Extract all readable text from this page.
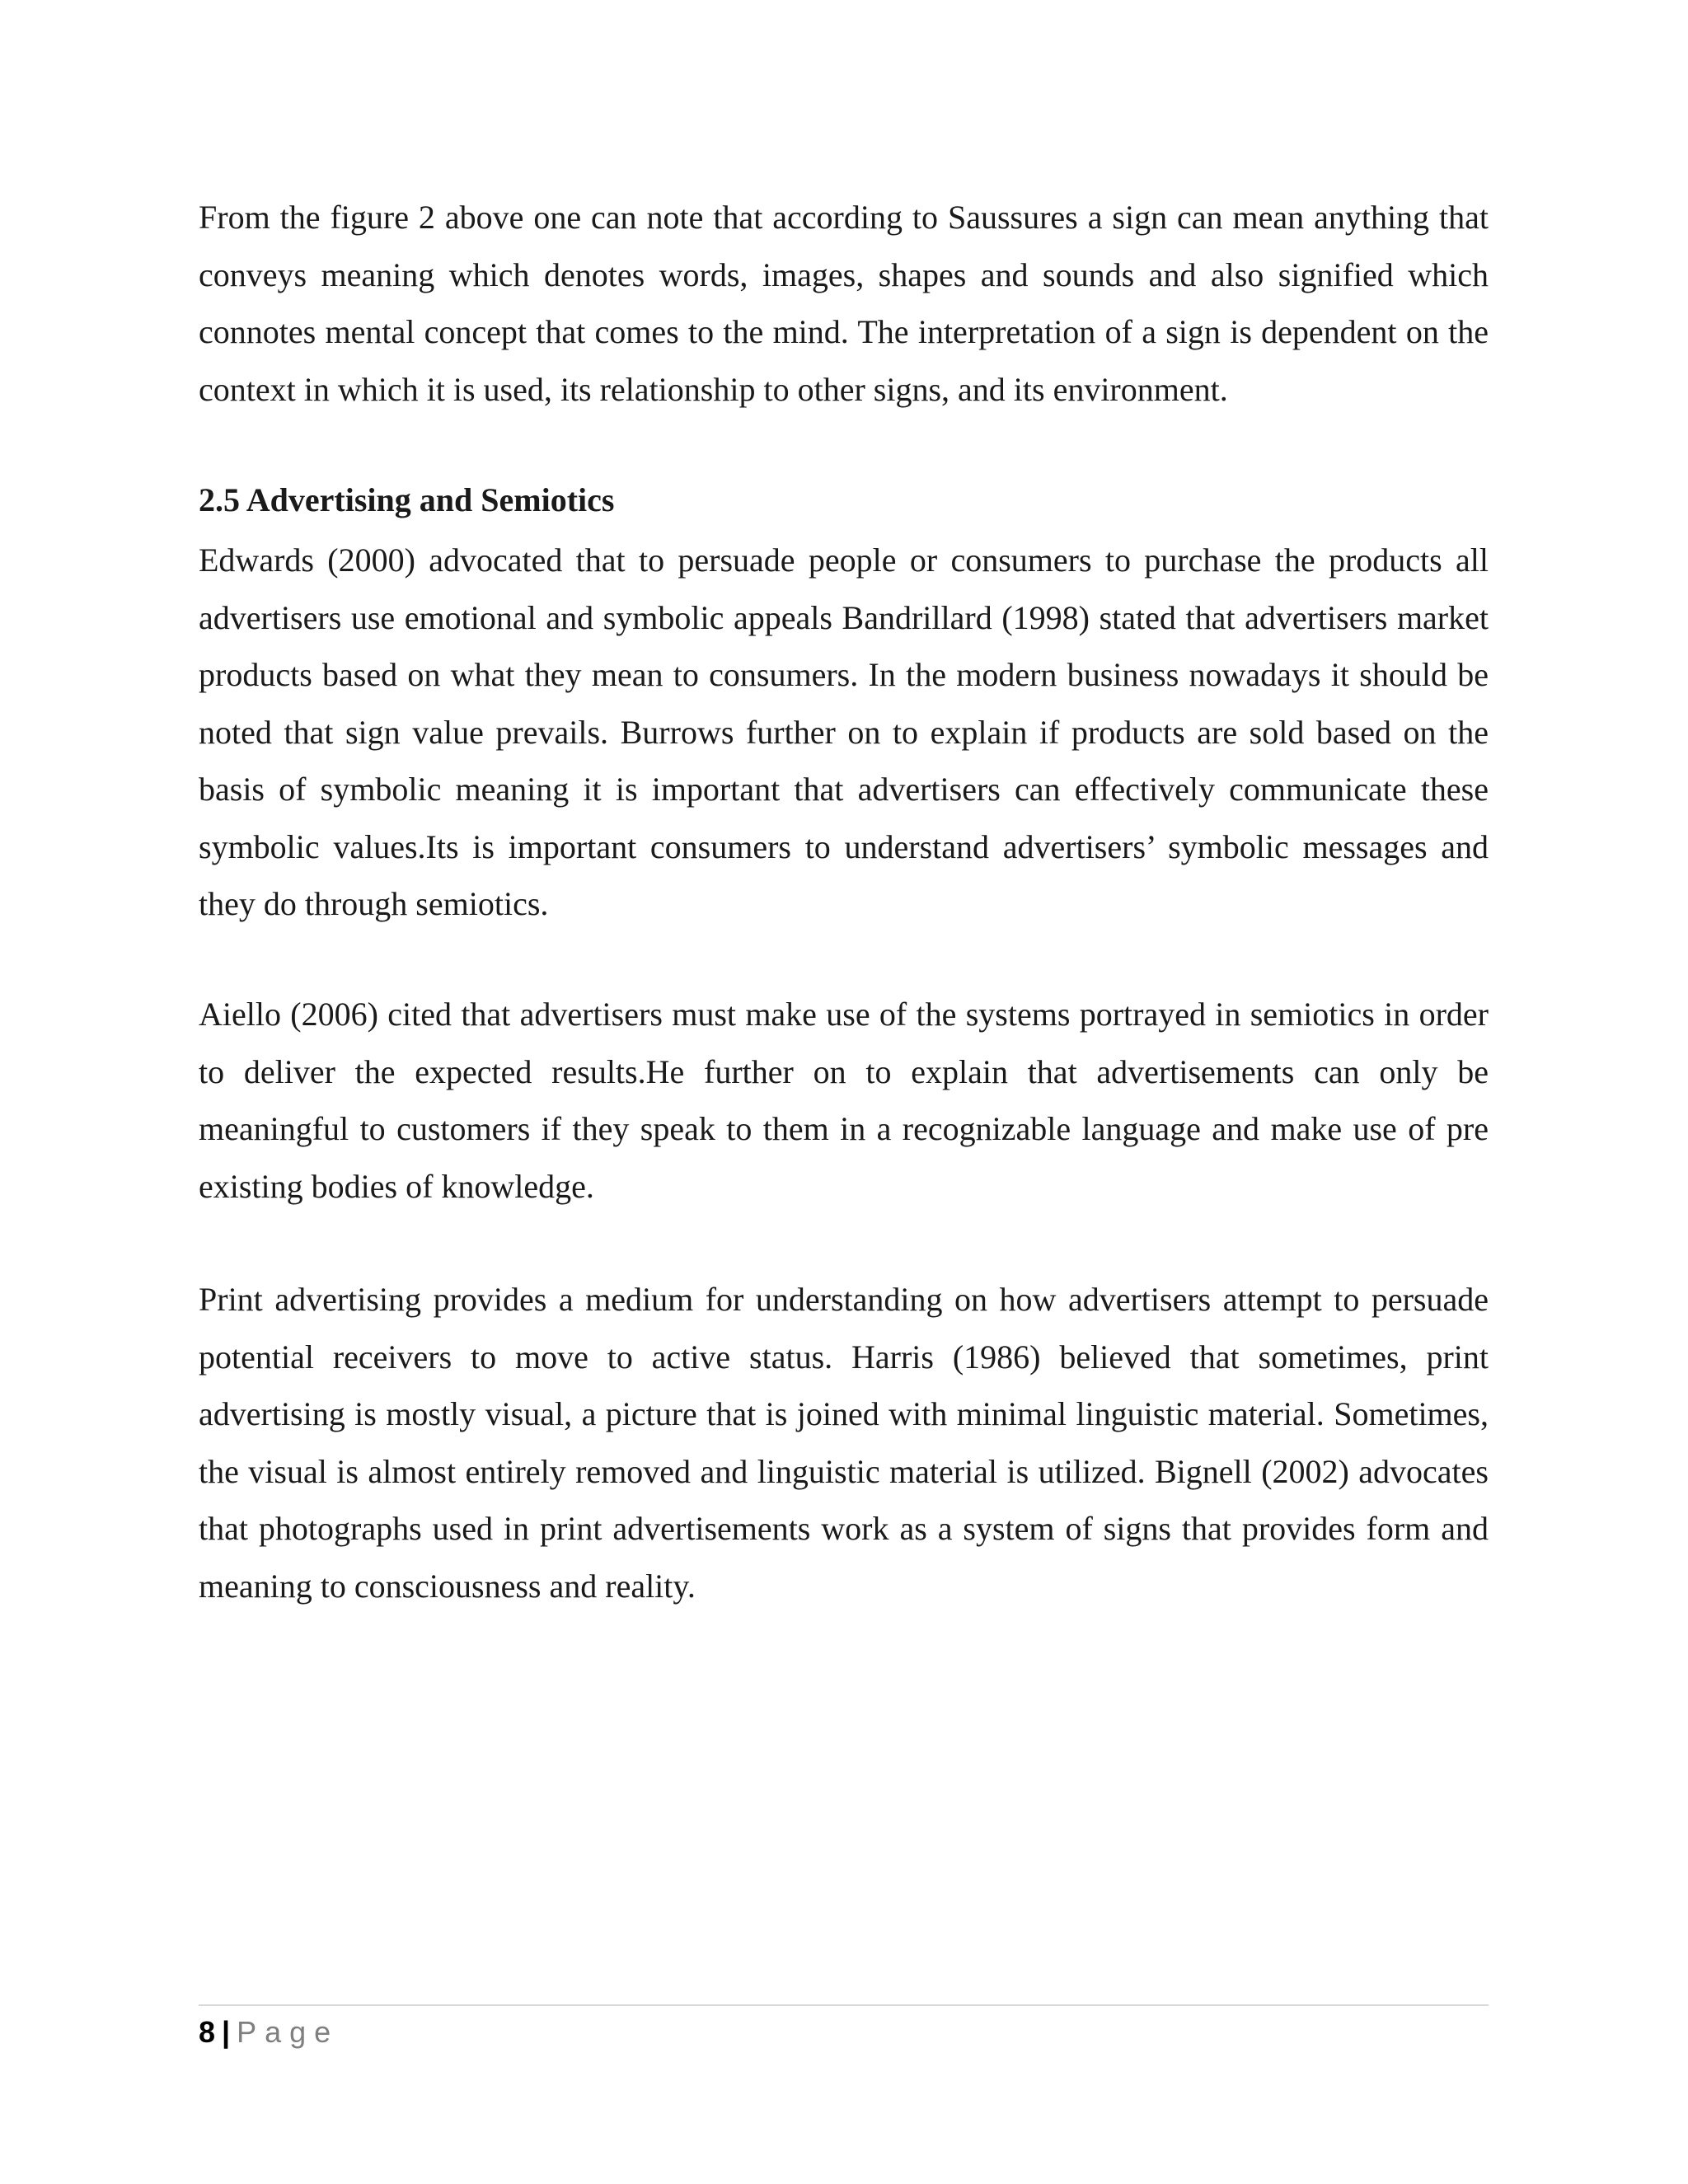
From the figure 2 above one can note that according to Saussures a sign can mean anything that conveys meaning which denotes words, images, shapes and sounds and also signified which connotes mental concept that comes to the mind. The interpretation of a sign is dependent on the context in which it is used, its relationship to other signs, and its environment.

2.5 Advertising and Semiotics

Edwards (2000) advocated that to persuade people or consumers to purchase the products all advertisers use emotional and symbolic appeals Bandrillard (1998) stated that advertisers market products based on what they mean to consumers. In the modern business nowadays it should be noted that sign value prevails. Burrows further on to explain if products are sold based on the basis of symbolic meaning it is important that advertisers can effectively communicate these symbolic values.Its is important consumers to understand advertisers’ symbolic messages and they do through semiotics.

Aiello (2006) cited that advertisers must make use of the systems portrayed in semiotics in order to deliver the expected results.He further on to explain that advertisements can only be meaningful to customers if they speak to them in a recognizable language and make use of pre existing bodies of knowledge.

Print advertising provides a medium for understanding on how advertisers attempt to persuade potential receivers to move to active status. Harris (1986) believed that sometimes, print advertising is mostly visual, a picture that is joined with minimal linguistic material. Sometimes, the visual is almost entirely removed and linguistic material is utilized. Bignell (2002) advocates that photographs used in print advertisements work as a system of signs that provides form and meaning to consciousness and reality.

8 | Page
